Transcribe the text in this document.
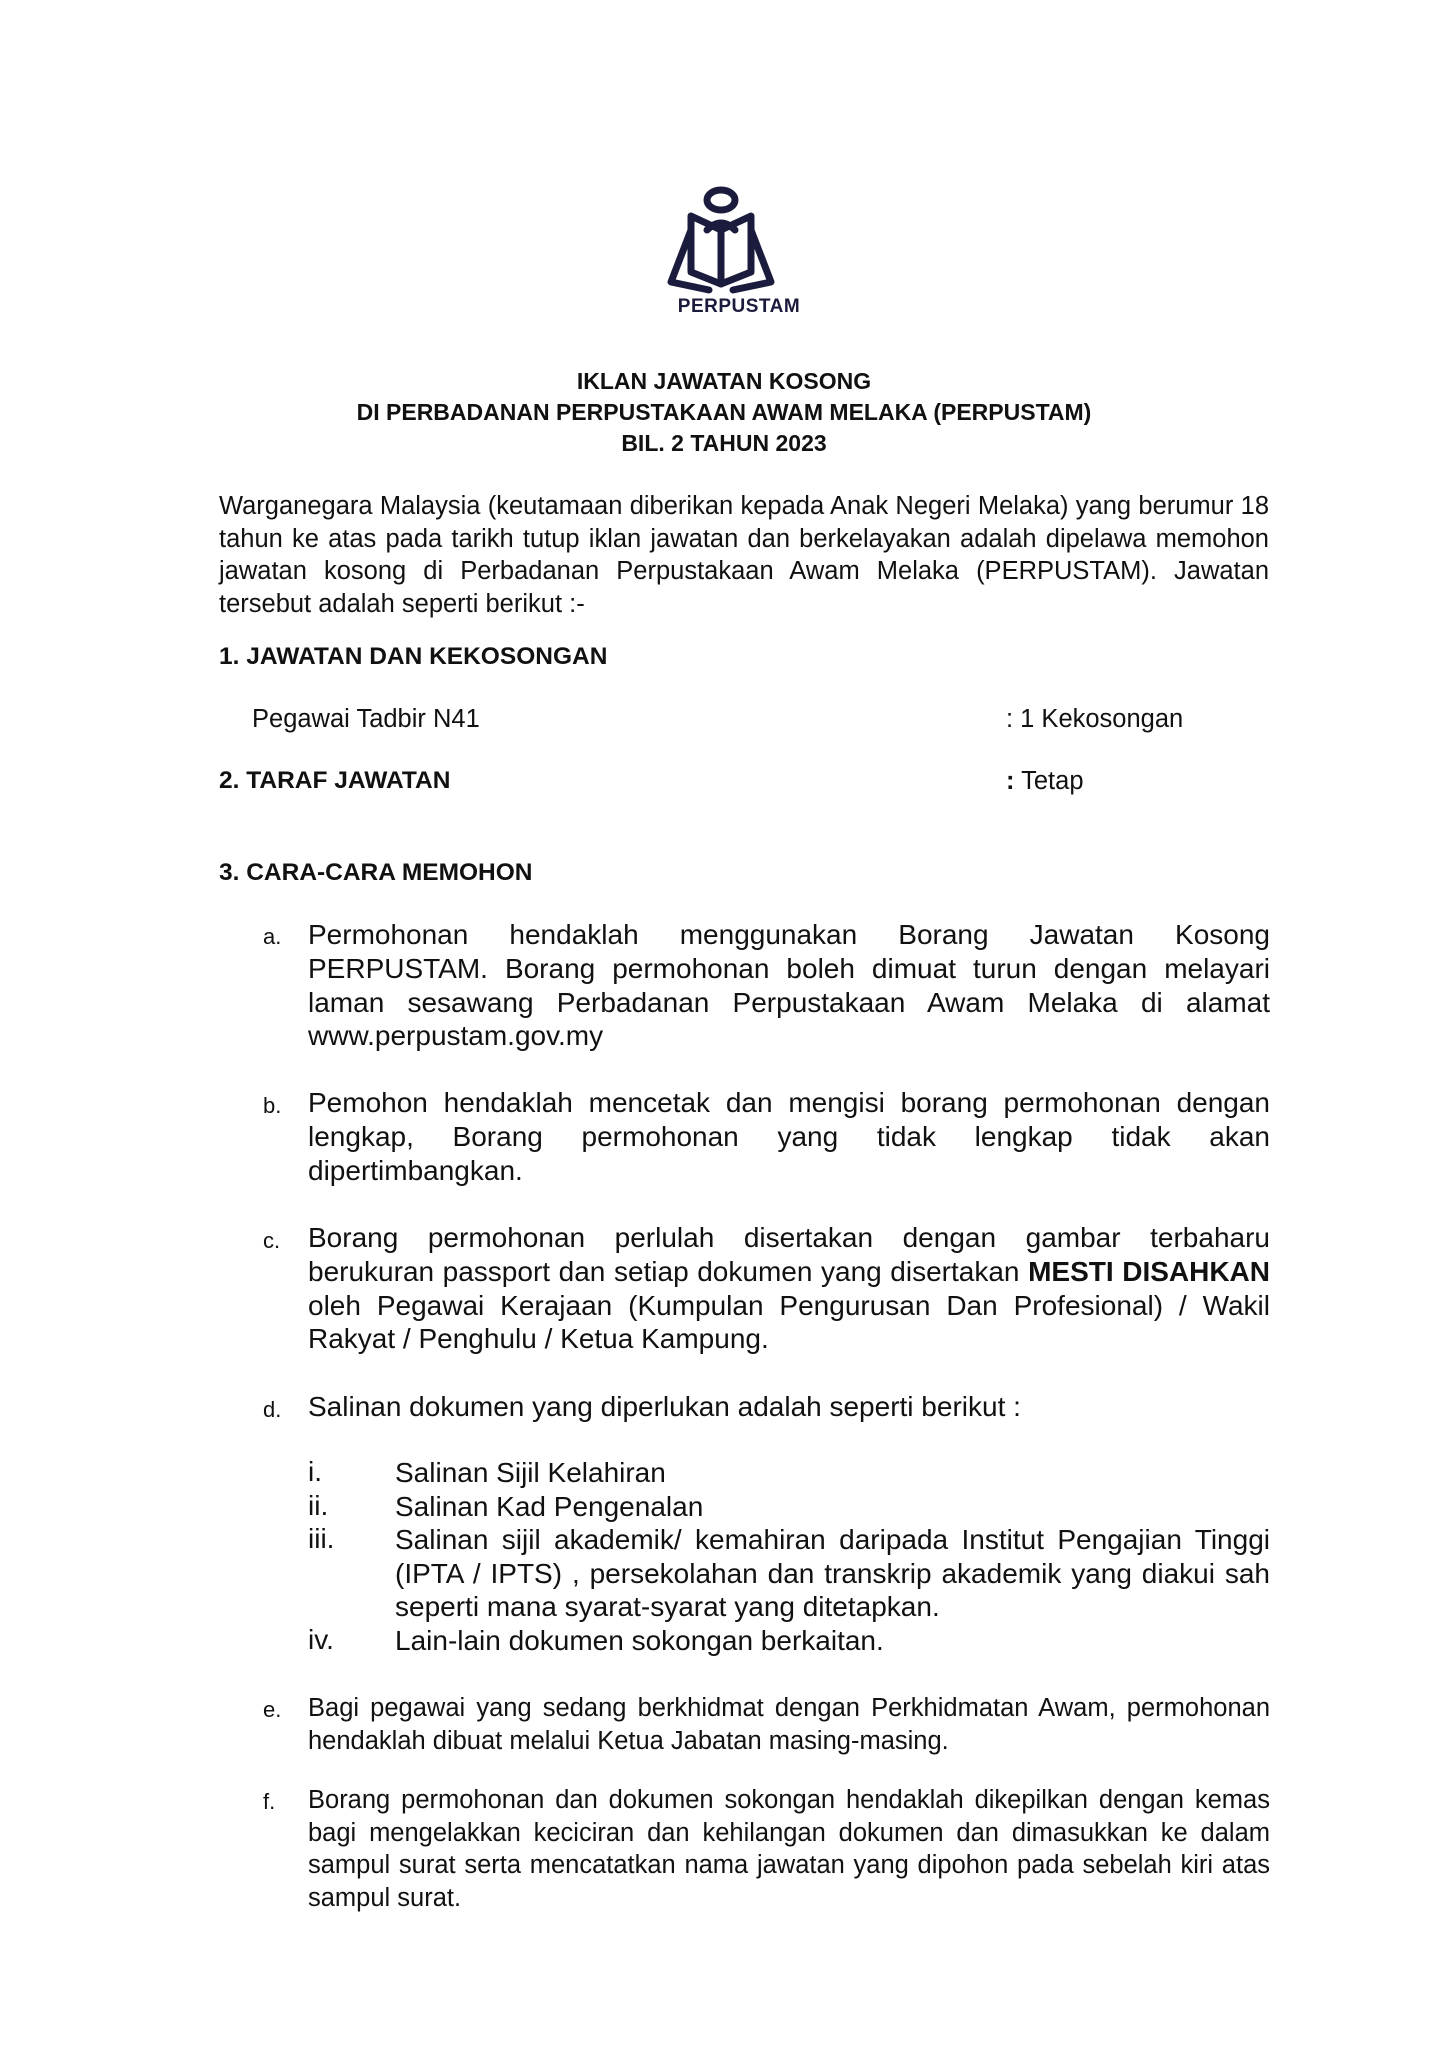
PERPUSTAM
IKLAN JAWATAN KOSONG
DI PERBADANAN PERPUSTAKAAN AWAM MELAKA (PERPUSTAM)
BIL. 2 TAHUN 2023
Warganegara Malaysia (keutamaan diberikan kepada Anak Negeri Melaka) yang berumur 18 tahun ke atas pada tarikh tutup iklan jawatan dan berkelayakan adalah dipelawa memohon jawatan kosong di Perbadanan Perpustakaan Awam Melaka (PERPUSTAM). Jawatan tersebut adalah seperti berikut :-
1. JAWATAN DAN KEKOSONGAN
Pegawai Tadbir N41	: 1 Kekosongan
2. TARAF JAWATAN	: Tetap
3. CARA-CARA MEMOHON
a. Permohonan hendaklah menggunakan Borang Jawatan Kosong PERPUSTAM. Borang permohonan boleh dimuat turun dengan melayari laman sesawang Perbadanan Perpustakaan Awam Melaka di alamat www.perpustam.gov.my
b. Pemohon hendaklah mencetak dan mengisi borang permohonan dengan lengkap, Borang permohonan yang tidak lengkap tidak akan dipertimbangkan.
c. Borang permohonan perlulah disertakan dengan gambar terbaharu berukuran passport dan setiap dokumen yang disertakan MESTI DISAHKAN oleh Pegawai Kerajaan (Kumpulan Pengurusan Dan Profesional) / Wakil Rakyat / Penghulu / Ketua Kampung.
d. Salinan dokumen yang diperlukan adalah seperti berikut :
i.	Salinan Sijil Kelahiran
ii. Salinan Kad Pengenalan
iii. Salinan sijil akademik/ kemahiran daripada Institut Pengajian Tinggi (IPTA / IPTS) , persekolahan dan transkrip akademik yang diakui sah seperti mana syarat-syarat yang ditetapkan.
iv. Lain-lain dokumen sokongan berkaitan.
e. Bagi pegawai yang sedang berkhidmat dengan Perkhidmatan Awam, permohonan hendaklah dibuat melalui Ketua Jabatan masing-masing.
f. Borang permohonan dan dokumen sokongan hendaklah dikepilkan dengan kemas bagi mengelakkan keciciran dan kehilangan dokumen dan dimasukkan ke dalam sampul surat serta mencatatkan nama jawatan yang dipohon pada sebelah kiri atas sampul surat.
